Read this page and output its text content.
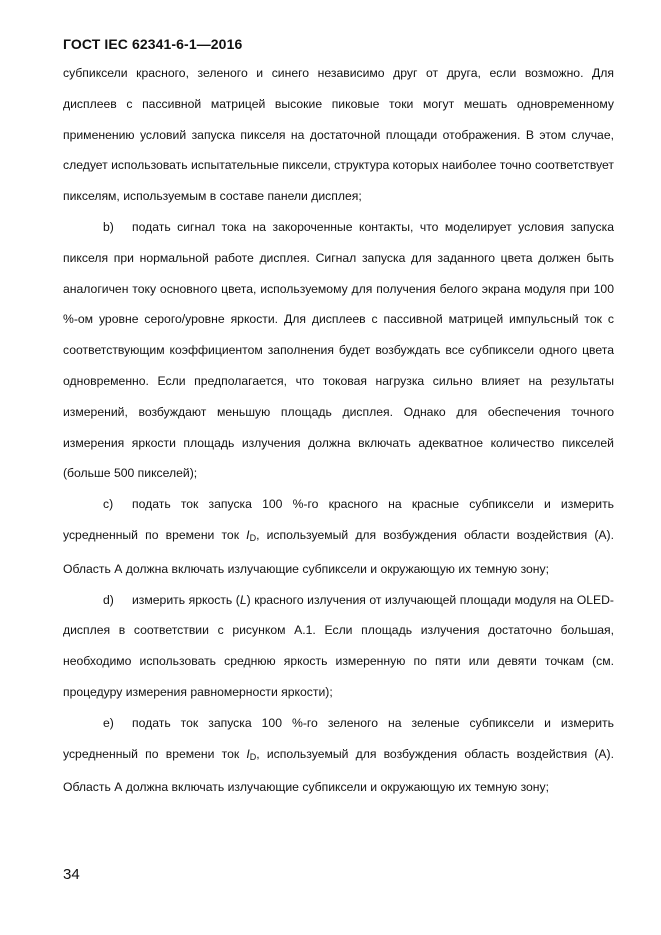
ГОСТ IEC 62341-6-1—2016

субпиксели красного, зеленого и синего независимо друг от друга, если возможно. Для дисплеев с пассивной матрицей высокие пиковые токи могут мешать одновременному применению условий запуска пикселя на достаточной площади отображения. В этом случае, следует использовать испытательные пиксели, структура которых наиболее точно соответствует пикселям, используемым в составе панели дисплея;

b) подать сигнал тока на закороченные контакты, что моделирует условия запуска пикселя при нормальной работе дисплея. Сигнал запуска для заданного цвета должен быть аналогичен току основного цвета, используемому для получения белого экрана модуля при 100 %-ом уровне серого/уровне яркости. Для дисплеев с пассивной матрицей импульсный ток с соответствующим коэффициентом заполнения будет возбуждать все субпиксели одного цвета одновременно. Если предполагается, что токовая нагрузка сильно влияет на результаты измерений, возбуждают меньшую площадь дисплея. Однако для обеспечения точного измерения яркости площадь излучения должна включать адекватное количество пикселей (больше 500 пикселей);

c) подать ток запуска 100 %-го красного на красные субпиксели и измерить усредненный по времени ток $I_D$, используемый для возбуждения области воздействия (A). Область А должна включать излучающие субпиксели и окружающую их темную зону;

d) измерить яркость (L) красного излучения от излучающей площади модуля на OLED-дисплея в соответствии с рисунком А.1. Если площадь излучения достаточно большая, необходимо использовать среднюю яркость измеренную по пяти или девяти точкам (см. процедуру измерения равномерности яркости);

e) подать ток запуска 100 %-го зеленого на зеленые субпиксели и измерить усредненный по времени ток $I_D$, используемый для возбуждения область воздействия (A). Область А должна включать излучающие субпиксели и окружающую их темную зону;

34
